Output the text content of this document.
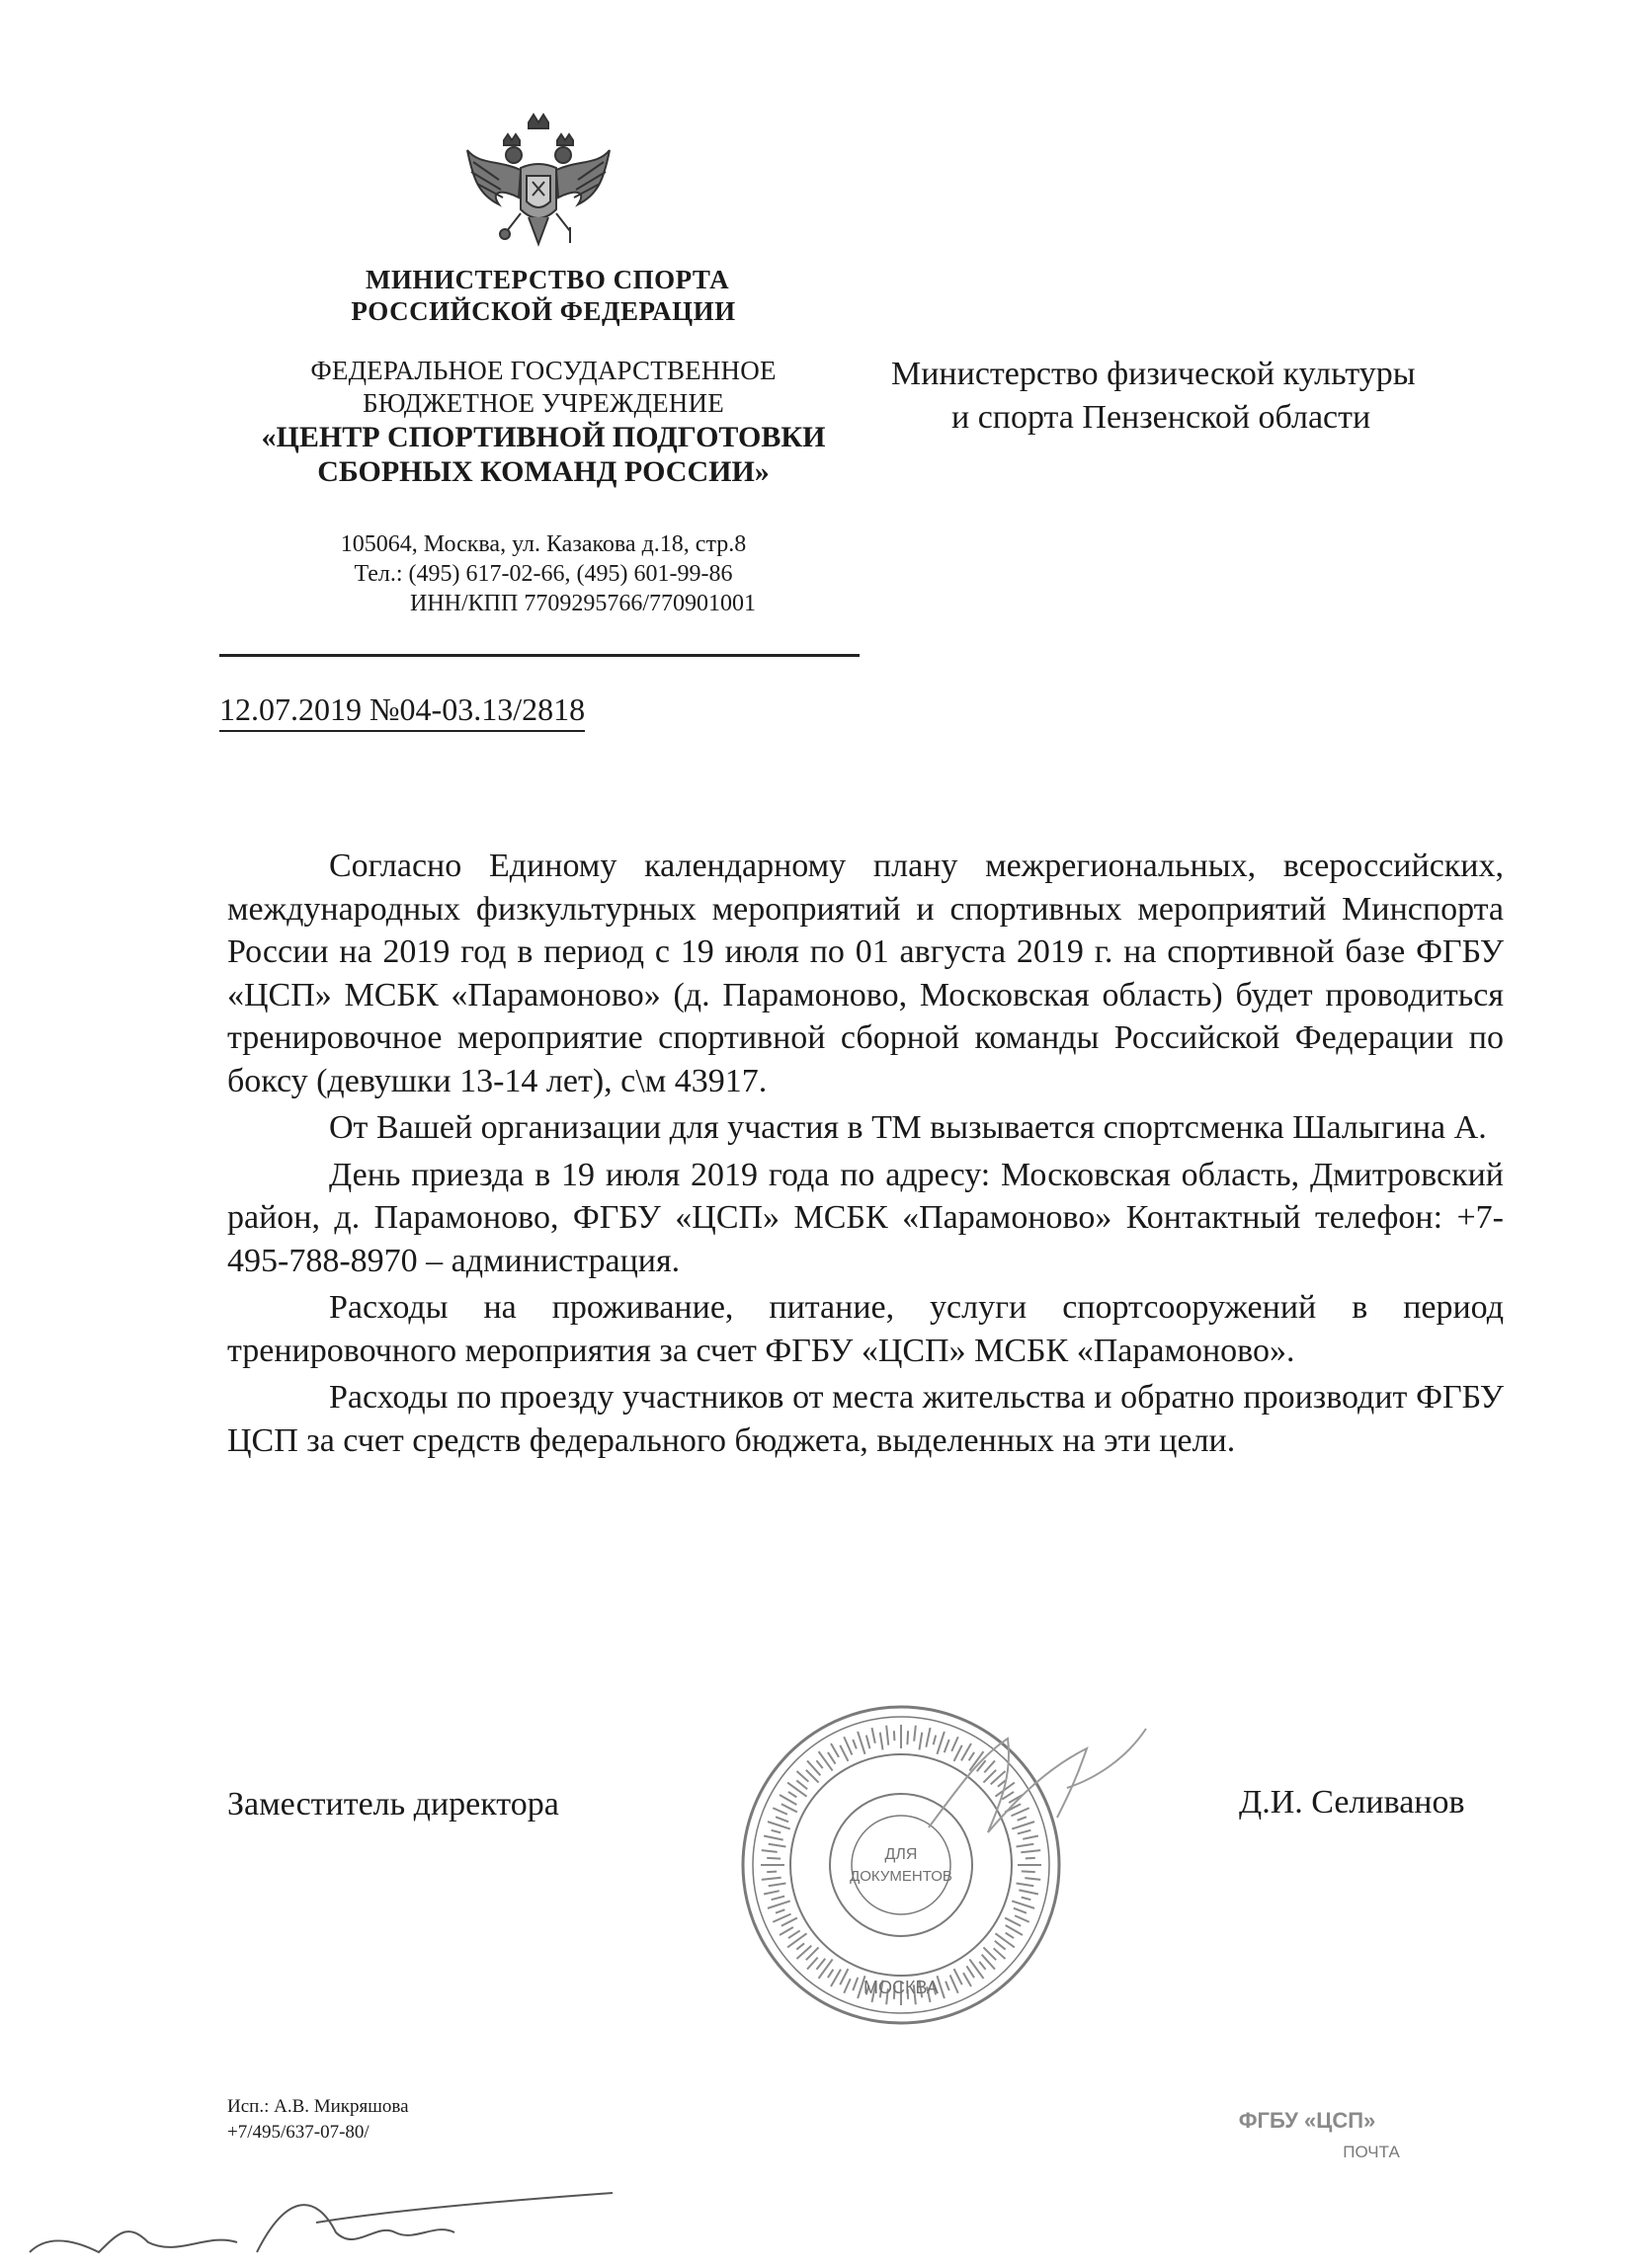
МИНИСТЕРСТВО СПОРТА
РОССИЙСКОЙ ФЕДЕРАЦИИ
ФЕДЕРАЛЬНОЕ ГОСУДАРСТВЕННОЕ
БЮДЖЕТНОЕ УЧРЕЖДЕНИЕ
«ЦЕНТР СПОРТИВНОЙ ПОДГОТОВКИ
СБОРНЫХ КОМАНД РОССИИ»
105064, Москва, ул. Казакова д.18, стр.8
Тел.: (495) 617-02-66, (495) 601-99-86
ИНН/КПП 7709295766/770901001
Министерство физической культуры
и спорта Пензенской области
12.07.2019 №04-03.13/2818

Согласно Единому календарному плану межрегиональных, всероссийских, международных физкультурных мероприятий и спортивных мероприятий Минспорта России на 2019 год в период с 19 июля по 01 августа 2019 г. на спортивной базе ФГБУ «ЦСП» МСБК «Парамоново» (д. Парамоново, Московская область) будет проводиться тренировочное мероприятие спортивной сборной команды Российской Федерации по боксу (девушки 13-14 лет), с\м 43917.

От Вашей организации для участия в ТМ вызывается спортсменка Шалыгина А.

День приезда в 19 июля 2019 года по адресу: Московская область, Дмитровский район, д. Парамоново, ФГБУ «ЦСП» МСБК «Парамоново» Контактный телефон: +7-495-788-8970 – администрация.

Расходы на проживание, питание, услуги спортсооружений в период тренировочного мероприятия за счет ФГБУ «ЦСП» МСБК «Парамоново».

Расходы по проезду участников от места жительства и обратно производит ФГБУ ЦСП за счет средств федерального бюджета, выделенных на эти цели.

Заместитель директора	Д.И. Селиванов
ДЛЯ
ДОКУМЕНТОВ
МОСКВА
Исп.: А.В. Микряшова
+7/495/637-07-80/	ФГБУ «ЦСП»
ПОЧТА
